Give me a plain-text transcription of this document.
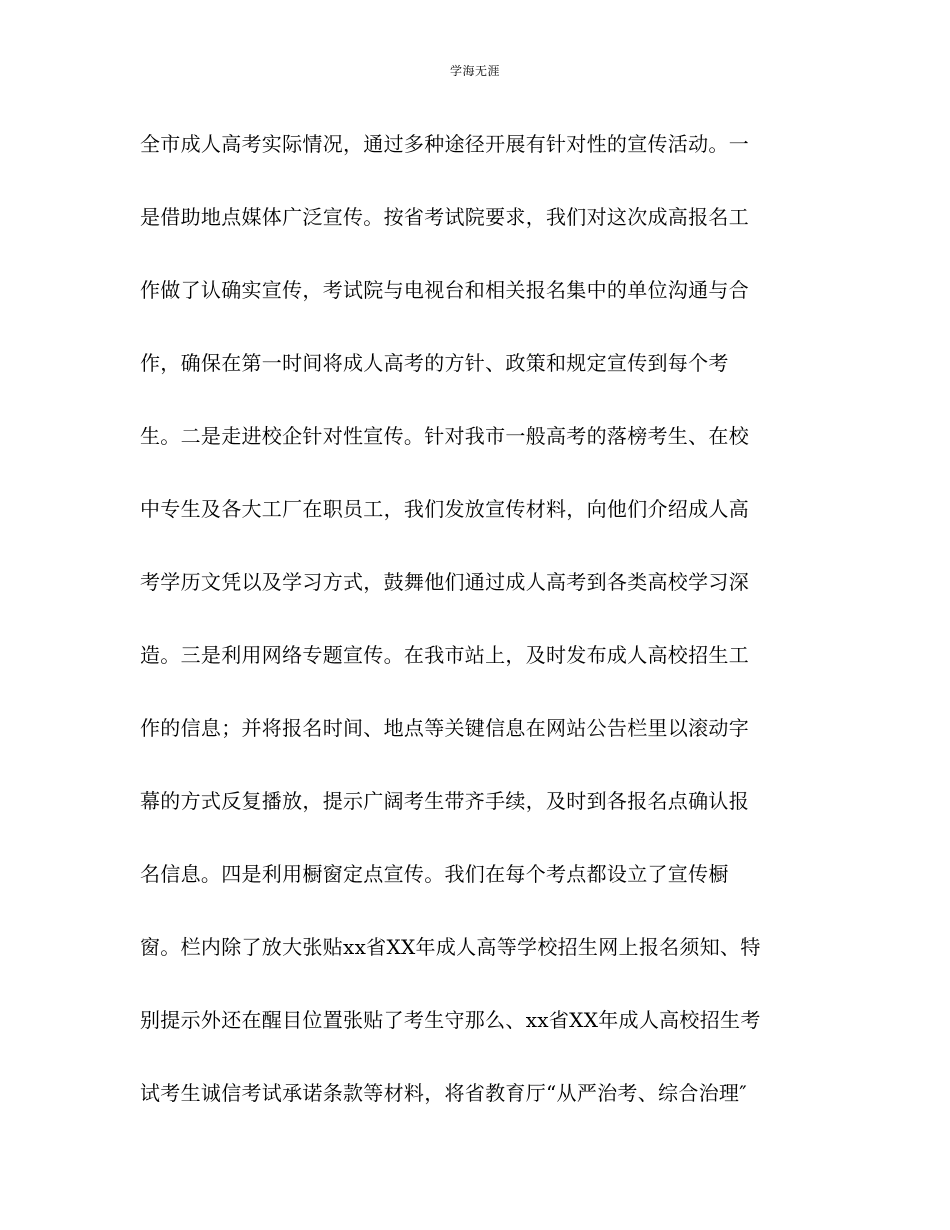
学海无涯
全市成人高考实际情况，通过多种途径开展有针对性的宣传活动。一
是借助地点媒体广泛宣传。按省考试院要求，我们对这次成高报名工
作做了认确实宣传，考试院与电视台和相关报名集中的单位沟通与合
作，确保在第一时间将成人高考的方针、政策和规定宣传到每个考
生。二是走进校企针对性宣传。针对我市一般高考的落榜考生、在校
中专生及各大工厂在职员工，我们发放宣传材料，向他们介绍成人高
考学历文凭以及学习方式，鼓舞他们通过成人高考到各类高校学习深
造。三是利用网络专题宣传。在我市站上，及时发布成人高校招生工
作的信息；并将报名时间、地点等关键信息在网站公告栏里以滚动字
幕的方式反复播放，提示广阔考生带齐手续，及时到各报名点确认报
名信息。四是利用橱窗定点宣传。我们在每个考点都设立了宣传橱
窗。栏内除了放大张贴xx省XX年成人高等学校招生网上报名须知、特
别提示外还在醒目位置张贴了考生守那么、xx省XX年成人高校招生考
试考生诚信考试承诺条款等材料，将省教育厅“从严治考、综合治理″
